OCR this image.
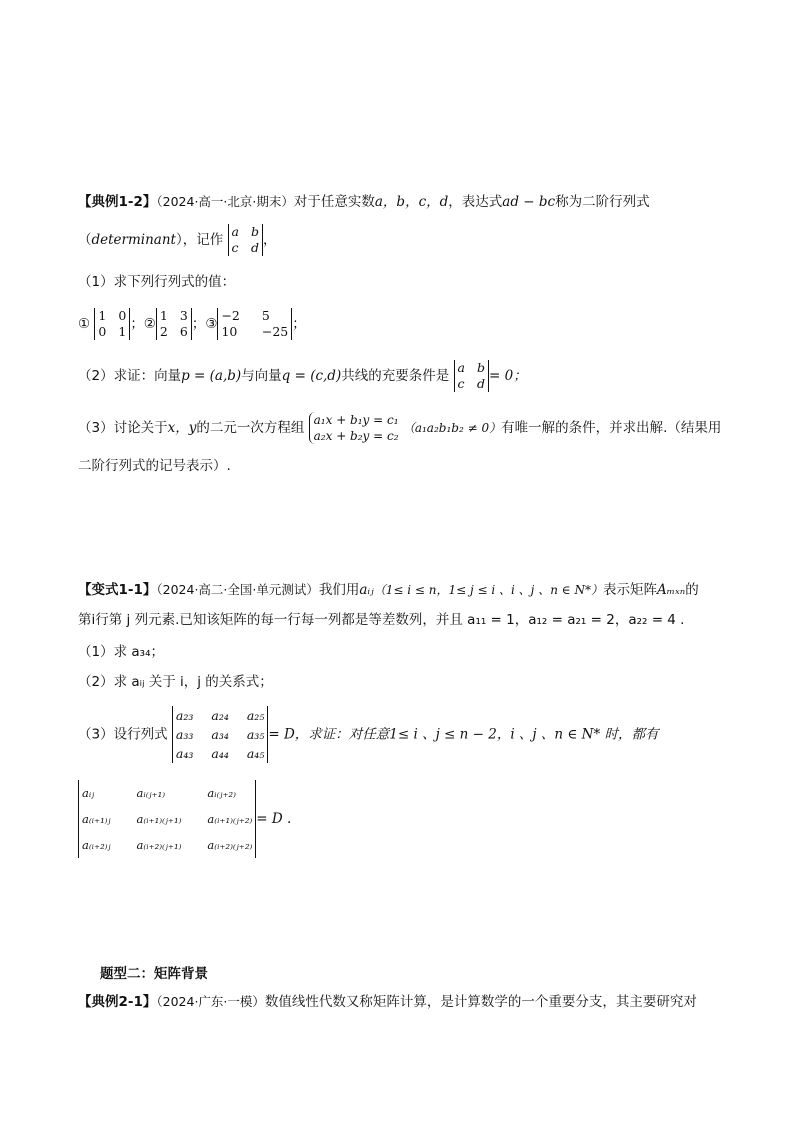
【典例1-2】（2024·高一·北京·期末）对于任意实数a，b，c，d，表达式ad − bc称为二阶行列式
（determinant），记作
a b
c d ，
（1）求下列行列式的值：
①
1 0
0 1 ；②
1 3
2 6 ；③
−2 5
10 −25 ；
（2）求证：向量p = (a,b)与向量q = (c,d)共线的充要条件是
a b
c d = 0；
（3）讨论关于x，y的二元一次方程组 a₁x + b₁y = c₁
a₂x + b₂y = c₂
（a₁a₂b₁b₂ ≠ 0）有唯一解的条件，并求出解.（结果用
二阶行列式的记号表示）.
【变式1-1】（2024·高二·全国·单元测试）我们用aᵢⱼ（1≤ i ≤ n，1≤ j ≤ i 、i 、j 、n ∈ N*）表示矩阵Aₘₓₙ的
第i行第 j 列元素.已知该矩阵的每一行每一列都是等差数列，并且 a₁₁ = 1，a₁₂ = a₂₁ = 2，a₂₂ = 4 .
（1）求 a₃₄；
（2）求 aᵢⱼ 关于 i，j 的关系式；
（3）设行列式
a₂₃ a₂₄ a₂₅
a₃₃ a₃₄ a₃₅
a₄₃ a₄₄ a₄₅
= D，求证：对任意1≤ i 、j ≤ n − 2，i 、j 、n ∈ N* 时，都有
aᵢⱼ	aᵢ₍ⱼ₊₁₎	aᵢ₍ⱼ₊₂₎
a₍ᵢ₊₁₎ⱼ a₍ᵢ₊₁₎₍ⱼ₊₁₎ a₍ᵢ₊₁₎₍ⱼ₊₂₎
a₍ᵢ₊₂₎ⱼ a₍ᵢ₊₂₎₍ⱼ₊₁₎ a₍ᵢ₊₂₎₍ⱼ₊₂₎
= D .
题型二：矩阵背景
【典例2-1】（2024·广东·一模）数值线性代数又称矩阵计算，是计算数学的一个重要分支，其主要研究对
